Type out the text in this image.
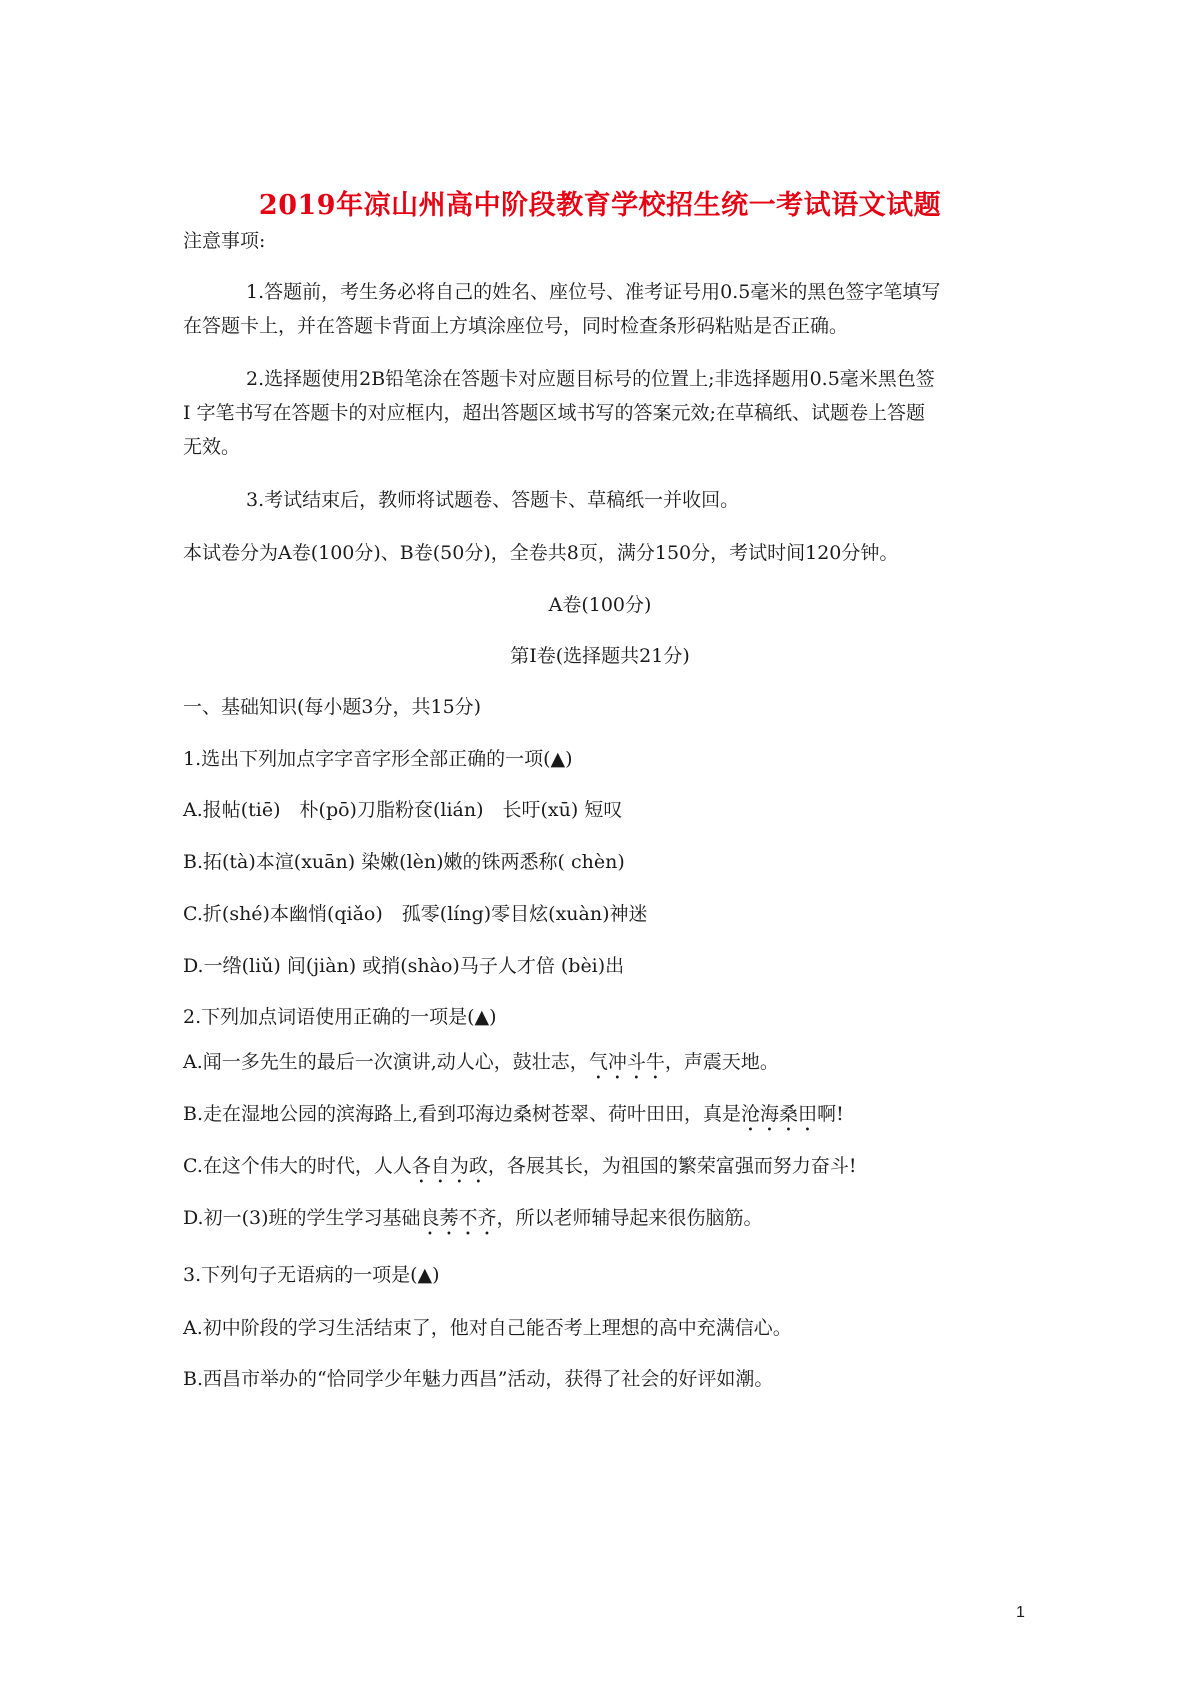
2019年凉山州高中阶段教育学校招生统一考试语文试题
注意事项:
1.答题前，考生务必将自己的姓名、座位号、准考证号用0.5毫米的黑色签字笔填写
在答题卡上，并在答题卡背面上方填涂座位号，同时检查条形码粘贴是否正确。
2.选择题使用2B铅笔涂在答题卡对应题目标号的位置上;非选择题用0.5毫米黑色签
I 字笔书写在答题卡的对应框内，超出答题区域书写的答案元效;在草稿纸、试题卷上答题
无效。
3.考试结束后，教师将试题卷、答题卡、草稿纸一并收回。
本试卷分为A卷(100分)、B卷(50分)，全卷共8页，满分150分，考试时间120分钟。
A卷(100分)
第I卷(选择题共21分)
一、基础知识(每小题3分，共15分)
1.选出下列加点字字音字形全部正确的一项(▲)
A.报帖(tiē)　朴(pō)刀脂粉奁(lián)　长吁(xū) 短叹
B.拓(tà)本渲(xuān) 染嫩(lèn)嫩的铢两悉称( chèn)
C.折(shé)本幽悄(qiǎo)　孤零(líng)零目炫(xuàn)神迷
D.一绺(liǔ) 间(jiàn) 或捎(shào)马子人才倍 (bèi)出
2.下列加点词语使用正确的一项是(▲)
A.闻一多先生的最后一次演讲,动人心，鼓壮志，气冲斗牛，声震天地。
B.走在湿地公园的滨海路上,看到邛海边桑树苍翠、荷叶田田，真是沧海桑田啊!
C.在这个伟大的时代，人人各自为政，各展其长，为祖国的繁荣富强而努力奋斗!
D.初一(3)班的学生学习基础良莠不齐，所以老师辅导起来很伤脑筋。
3.下列句子无语病的一项是(▲)
A.初中阶段的学习生活结束了，他对自己能否考上理想的高中充满信心。
B.西昌市举办的“恰同学少年魅力西昌”活动，获得了社会的好评如潮。
1
